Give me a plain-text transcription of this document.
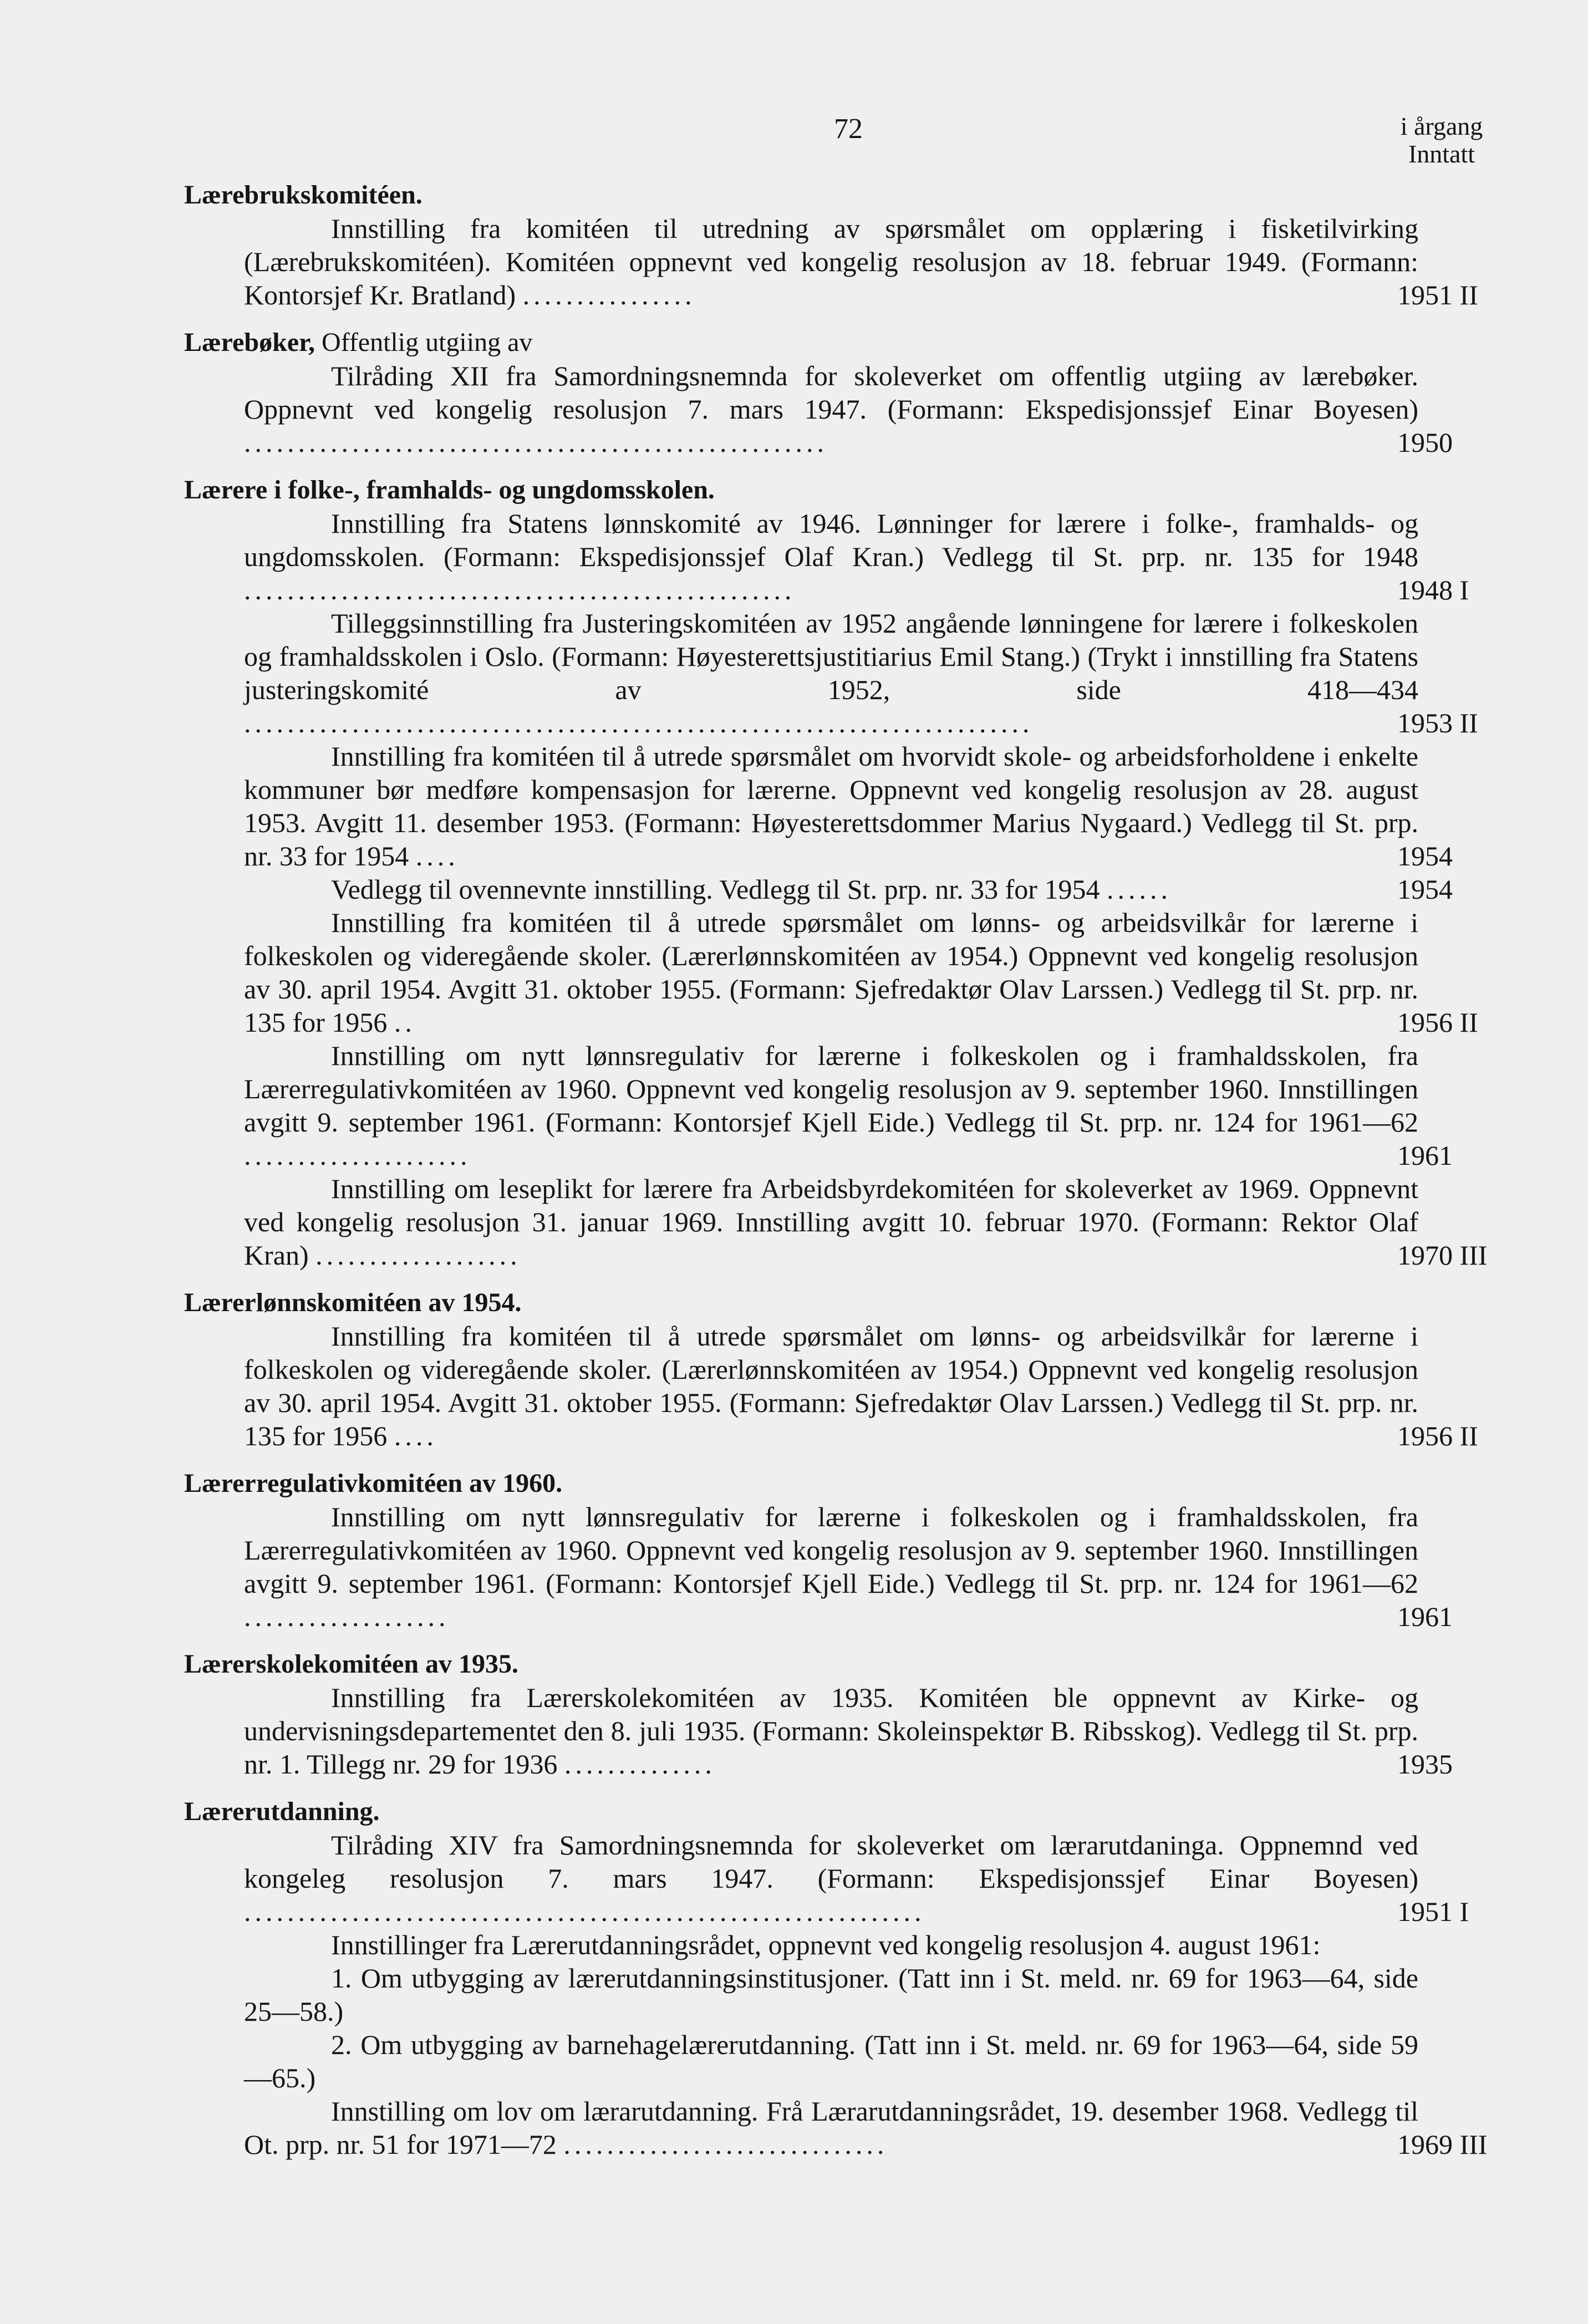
72	i årgang
Inntatt
Lærebrukskomitéen.
Innstilling fra komitéen til utredning av spørsmålet om opplæring i fisketilvirking (Lærebrukskomitéen). Komitéen oppnevnt ved kongelig resolusjon av 18. februar 1949. (Formann: Kontorsjef Kr. Bratland) ................	1951 II
Lærebøker, Offentlig utgiing av
Tilråding XII fra Samordningsnemnda for skoleverket om offentlig utgiing av lærebøker. Oppnevnt ved kongelig resolusjon 7. mars 1947. (Formann: Ekspedisjonssjef Einar Boyesen) ......................................................	1950
Lærere i folke-, framhalds- og ungdomsskolen.
Innstilling fra Statens lønnskomité av 1946. Lønninger for lærere i folke-, framhalds- og ungdomsskolen. (Formann: Ekspedisjonssjef Olaf Kran.) Vedlegg til St. prp. nr. 135 for 1948 ...................................................	1948 I
Tilleggsinnstilling fra Justeringskomitéen av 1952 angående lønningene for lærere i folkeskolen og framhaldsskolen i Oslo. (Formann: Høyesterettsjustitiarius Emil Stang.) (Trykt i innstilling fra Statens justeringskomité av 1952, side 418—434 .........................................................................	1953 II
Innstilling fra komitéen til å utrede spørsmålet om hvorvidt skole- og arbeidsforholdene i enkelte kommuner bør medføre kompensasjon for lærerne. Oppnevnt ved kongelig resolusjon av 28. august 1953. Avgitt 11. desember 1953. (Formann: Høyesterettsdommer Marius Nygaard.) Vedlegg til St. prp. nr. 33 for 1954 ....	1954
Vedlegg til ovennevnte innstilling. Vedlegg til St. prp. nr. 33 for 1954 ......	1954
Innstilling fra komitéen til å utrede spørsmålet om lønns- og arbeidsvilkår for lærerne i folkeskolen og videregående skoler. (Lærerlønnskomitéen av 1954.) Oppnevnt ved kongelig resolusjon av 30. april 1954. Avgitt 31. oktober 1955. (Formann: Sjefredaktør Olav Larssen.) Vedlegg til St. prp. nr. 135 for 1956 ..	1956 II
Innstilling om nytt lønnsregulativ for lærerne i folkeskolen og i framhaldsskolen, fra Lærerregulativkomitéen av 1960. Oppnevnt ved kongelig resolusjon av 9. september 1960. Innstillingen avgitt 9. september 1961. (Formann: Kontorsjef Kjell Eide.) Vedlegg til St. prp. nr. 124 for 1961—62 .....................	1961
Innstilling om leseplikt for lærere fra Arbeidsbyrdekomitéen for skoleverket av 1969. Oppnevnt ved kongelig resolusjon 31. januar 1969. Innstilling avgitt 10. februar 1970. (Formann: Rektor Olaf Kran) ...................	1970 III
Lærerlønnskomitéen av 1954.
Innstilling fra komitéen til å utrede spørsmålet om lønns- og arbeidsvilkår for lærerne i folkeskolen og videregående skoler. (Lærerlønnskomitéen av 1954.) Oppnevnt ved kongelig resolusjon av 30. april 1954. Avgitt 31. oktober 1955. (Formann: Sjefredaktør Olav Larssen.) Vedlegg til St. prp. nr. 135 for 1956 ....	1956 II
Lærerregulativkomitéen av 1960.
Innstilling om nytt lønnsregulativ for lærerne i folkeskolen og i framhaldsskolen, fra Lærerregulativkomitéen av 1960. Oppnevnt ved kongelig resolusjon av 9. september 1960. Innstillingen avgitt 9. september 1961. (Formann: Kontorsjef Kjell Eide.) Vedlegg til St. prp. nr. 124 for 1961—62 ...................	1961
Lærerskolekomitéen av 1935.
Innstilling fra Lærerskolekomitéen av 1935. Komitéen ble oppnevnt av Kirke- og undervisningsdepartementet den 8. juli 1935. (Formann: Skoleinspektør B. Ribsskog). Vedlegg til St. prp. nr. 1. Tillegg nr. 29 for 1936 ..............	1935
Lærerutdanning.
Tilråding XIV fra Samordningsnemnda for skoleverket om lærarutdaninga. Oppnemnd ved kongeleg resolusjon 7. mars 1947. (Formann: Ekspedisjonssjef Einar Boyesen) ...............................................................	1951 I
Innstillinger fra Lærerutdanningsrådet, oppnevnt ved kongelig resolusjon 4. august 1961:
1. Om utbygging av lærerutdanningsinstitusjoner. (Tatt inn i St. meld. nr. 69 for 1963—64, side 25—58.)
2. Om utbygging av barnehagelærerutdanning. (Tatt inn i St. meld. nr. 69 for 1963—64, side 59—65.)
Innstilling om lov om lærarutdanning. Frå Lærarutdanningsrådet, 19. desember 1968. Vedlegg til Ot. prp. nr. 51 for 1971—72 ..............................	1969 III
